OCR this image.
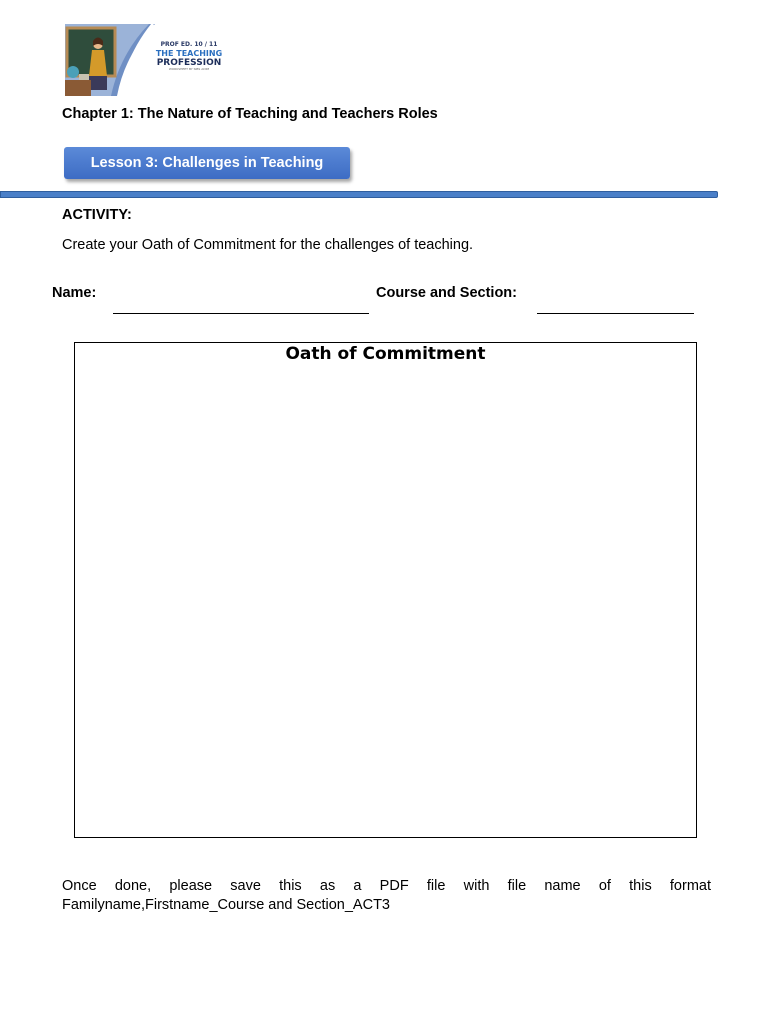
PROF ED. 10 / 11
THE TEACHING
PROFESSION
WORKSHEET BY SIBS ADIM
Chapter 1: The Nature of Teaching and Teachers Roles
Lesson 3: Challenges in Teaching
ACTIVITY:
Create your Oath of Commitment for the challenges of teaching.
Name:	Course and Section:
Oath of Commitment
Once done, please save this as a PDF file with file name of this format Familyname,Firstname_Course and Section_ACT3
